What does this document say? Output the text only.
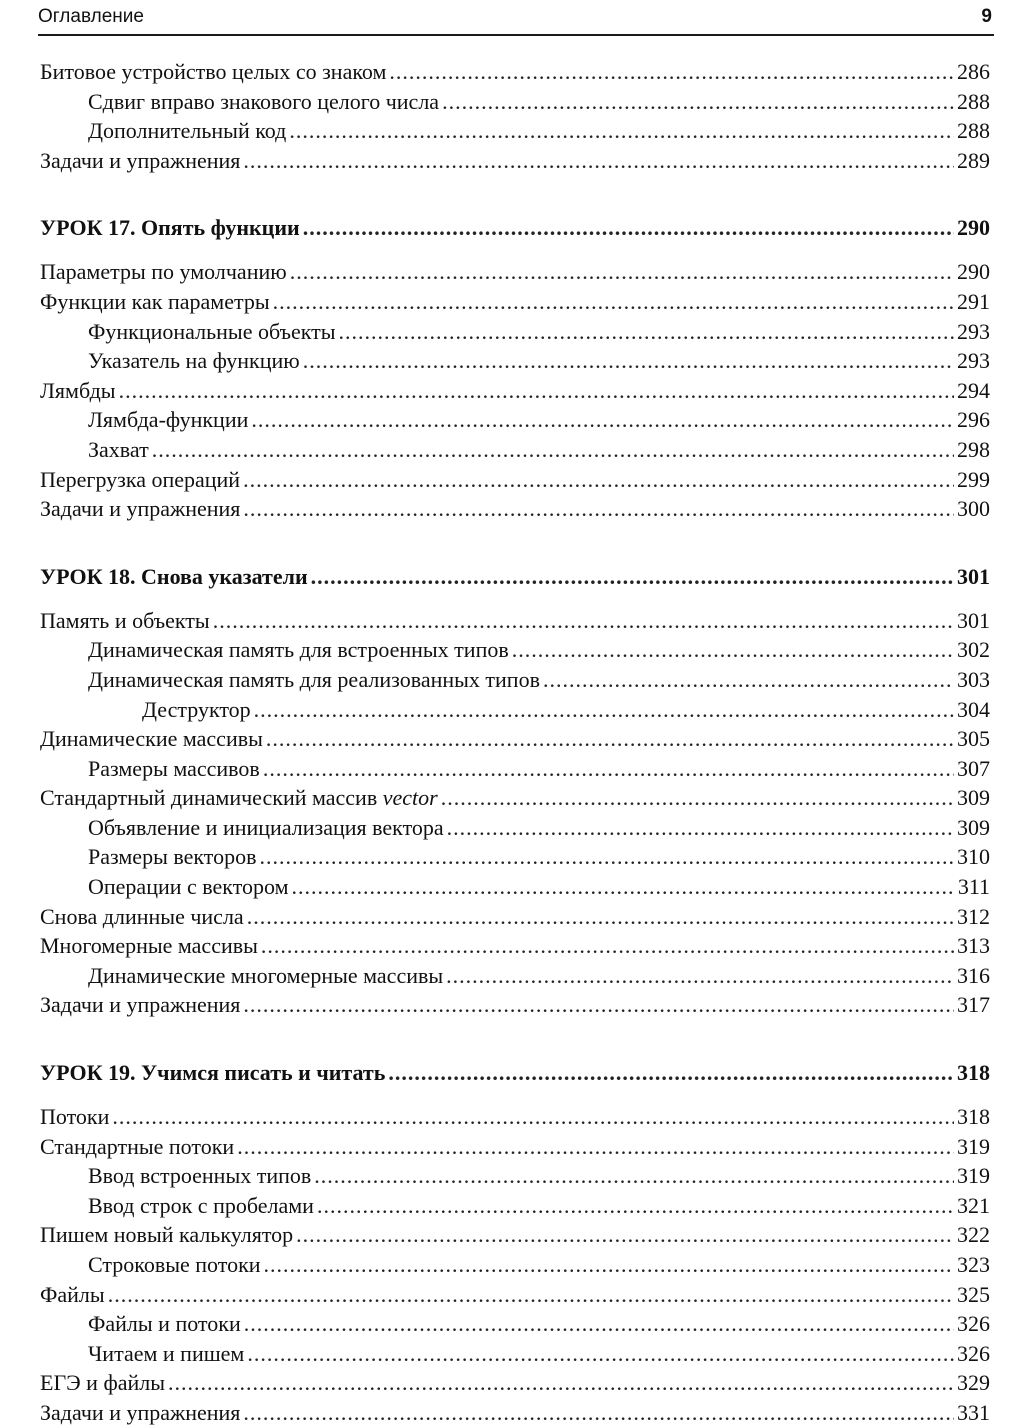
Оглавление	9
Битовое устройство целых со знаком .....	286
Сдвиг вправо знакового целого числа .....	288
Дополнительный код .....	288
Задачи и упражнения .....	289
УРОК 17. Опять функции .....	290
Параметры по умолчанию .....	290
Функции как параметры .....	291
Функциональные объекты .....	293
Указатель на функцию .....	293
Лямбды .....	294
Лямбда-функции .....	296
Захват .....	298
Перегрузка операций .....	299
Задачи и упражнения .....	300
УРОК 18. Снова указатели .....	301
Память и объекты .....	301
Динамическая память для встроенных типов .....	302
Динамическая память для реализованных типов .....	303
Деструктор .....	304
Динамические массивы .....	305
Размеры массивов .....	307
Стандартный динамический массив vector .....	309
Объявление и инициализация вектора .....	309
Размеры векторов .....	310
Операции с вектором .....	311
Снова длинные числа .....	312
Многомерные массивы .....	313
Динамические многомерные массивы .....	316
Задачи и упражнения .....	317
УРОК 19. Учимся писать и читать .....	318
Потоки .....	318
Стандартные потоки .....	319
Ввод встроенных типов .....	319
Ввод строк с пробелами .....	321
Пишем новый калькулятор .....	322
Строковые потоки .....	323
Файлы .....	325
Файлы и потоки .....	326
Читаем и пишем .....	326
ЕГЭ и файлы .....	329
Задачи и упражнения .....	331
